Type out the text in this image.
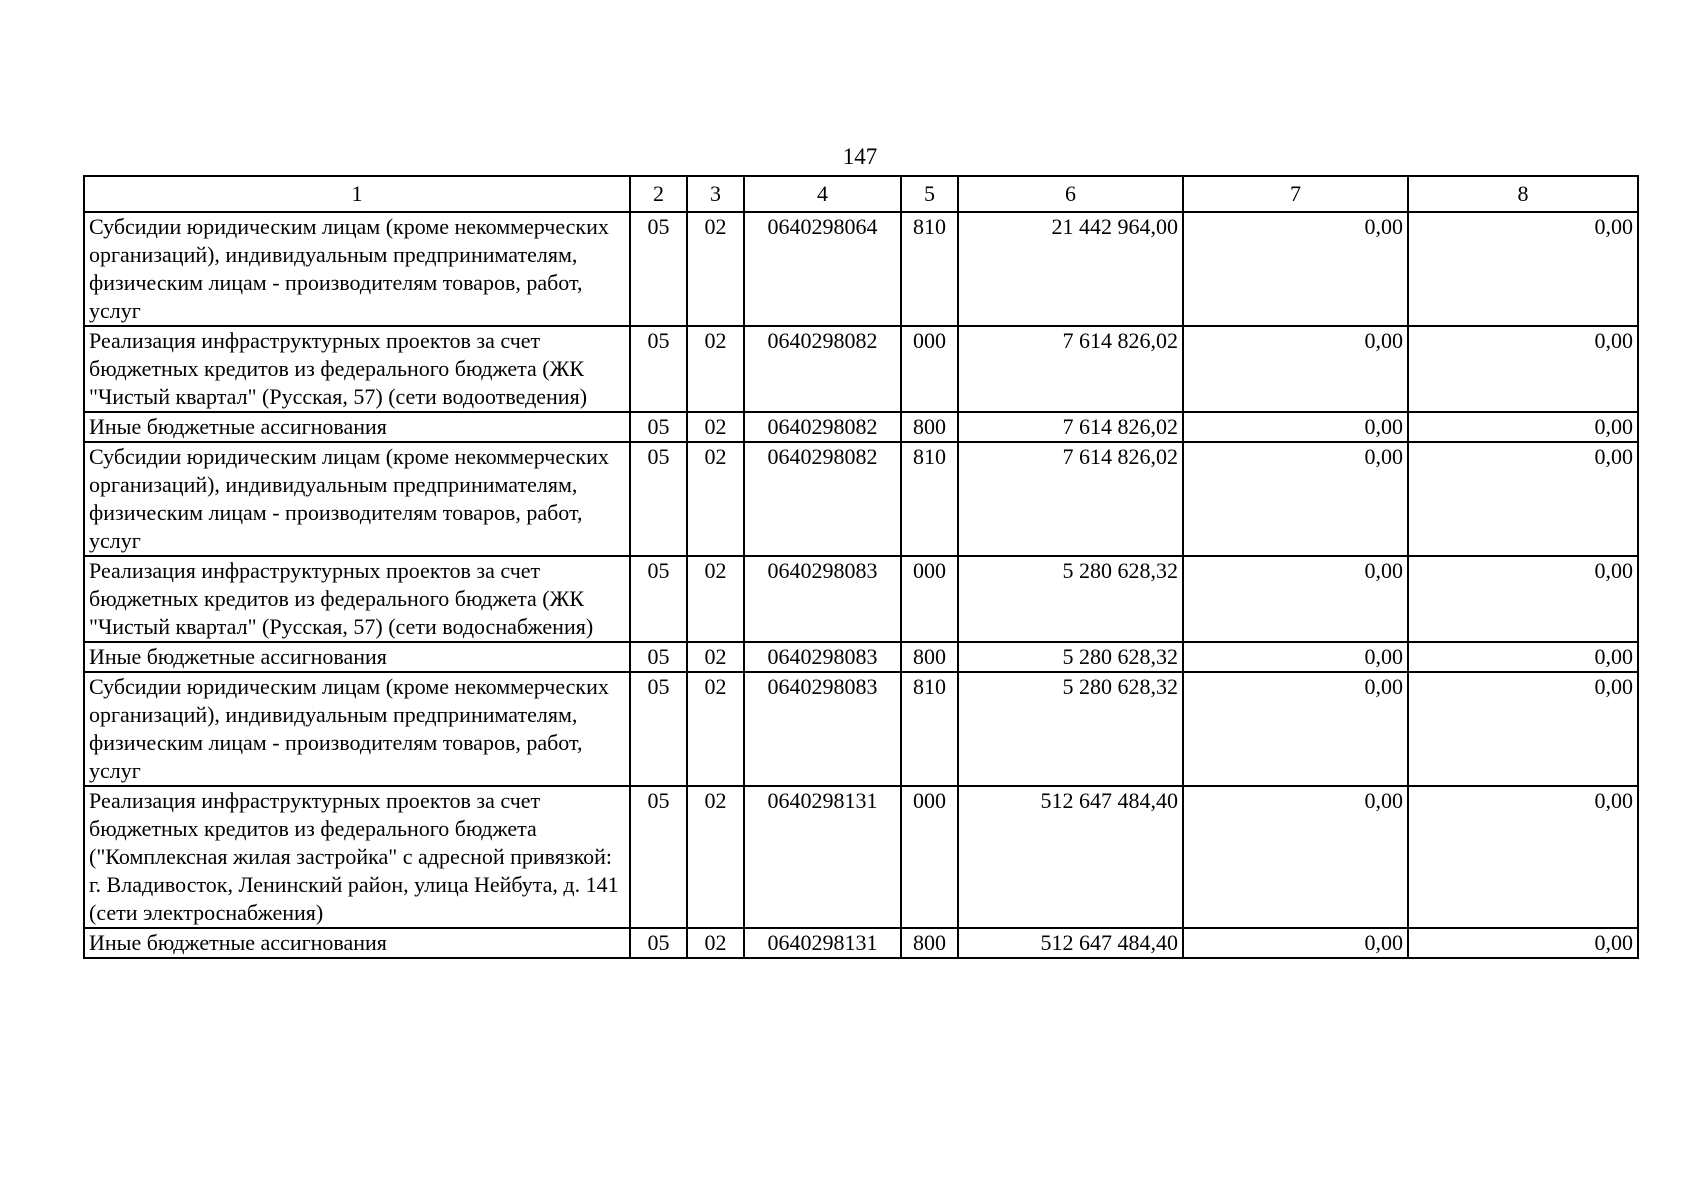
147
1	2	3	4	5	6	7	8
Субсидии юридическим лицам (кроме некоммерческих организаций), индивидуальным предпринимателям, физическим лицам - производителям товаров, работ, услуг	05	02	0640298064	810	21 442 964,00	0,00	0,00
Реализация инфраструктурных проектов за счет бюджетных кредитов из федерального бюджета (ЖК "Чистый квартал" (Русская, 57) (сети водоотведения)	05	02	0640298082	000	7 614 826,02	0,00	0,00
Иные бюджетные ассигнования	05	02	0640298082	800	7 614 826,02	0,00	0,00
Субсидии юридическим лицам (кроме некоммерческих организаций), индивидуальным предпринимателям, физическим лицам - производителям товаров, работ, услуг	05	02	0640298082	810	7 614 826,02	0,00	0,00
Реализация инфраструктурных проектов за счет бюджетных кредитов из федерального бюджета (ЖК "Чистый квартал" (Русская, 57) (сети водоснабжения)	05	02	0640298083	000	5 280 628,32	0,00	0,00
Иные бюджетные ассигнования	05	02	0640298083	800	5 280 628,32	0,00	0,00
Субсидии юридическим лицам (кроме некоммерческих организаций), индивидуальным предпринимателям, физическим лицам - производителям товаров, работ, услуг	05	02	0640298083	810	5 280 628,32	0,00	0,00
Реализация инфраструктурных проектов за счет бюджетных кредитов из федерального бюджета ("Комплексная жилая застройка" с адресной привязкой: г. Владивосток, Ленинский район, улица Нейбута, д. 141 (сети электроснабжения)	05	02	0640298131	000	512 647 484,40	0,00	0,00
Иные бюджетные ассигнования	05	02	0640298131	800	512 647 484,40	0,00	0,00
